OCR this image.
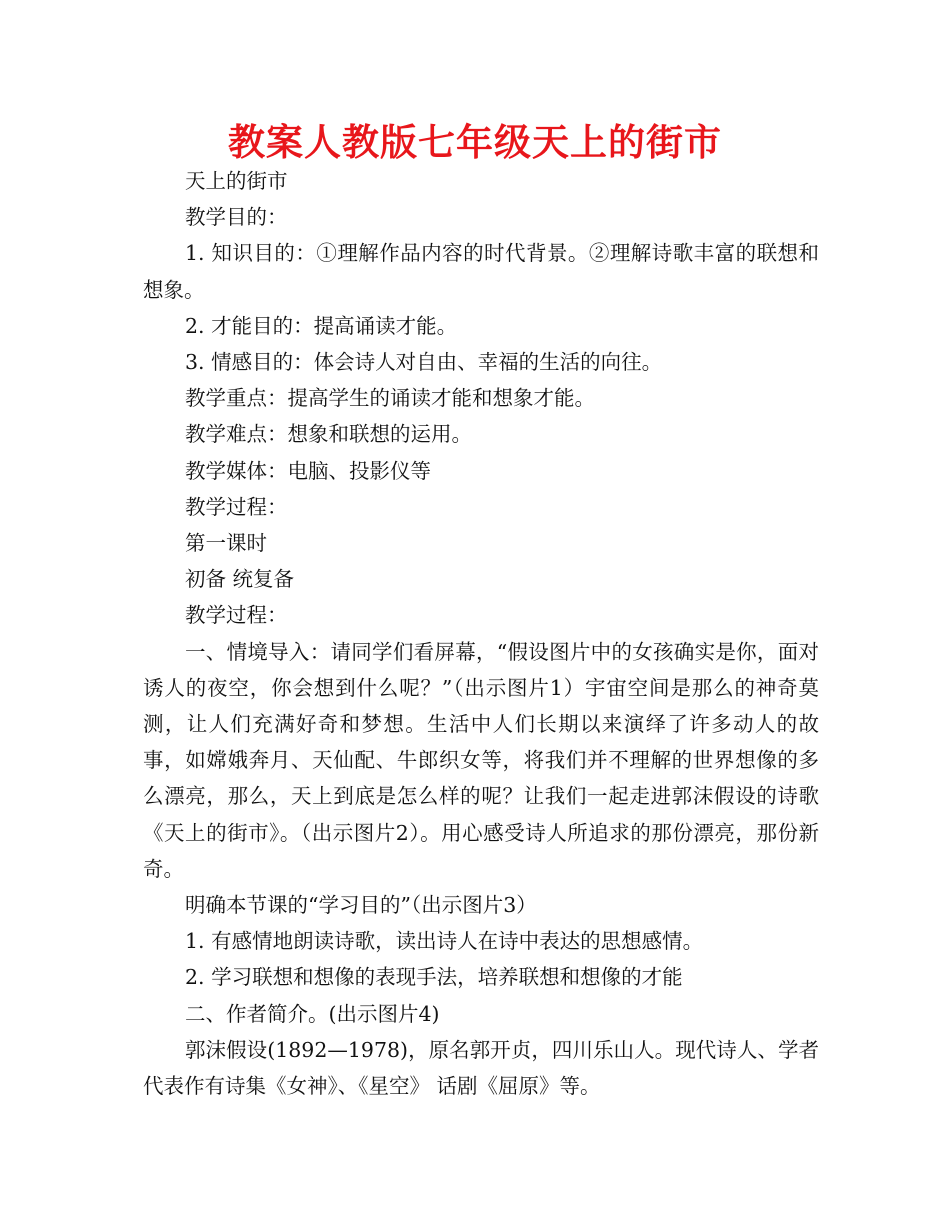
教案人教版七年级天上的街市

天上的街市

教学目的：

1. 知识目的：①理解作品内容的时代背景。②理解诗歌丰富的联想和想象。

2. 才能目的：提高诵读才能。

3. 情感目的：体会诗人对自由、幸福的生活的向往。

教学重点：提高学生的诵读才能和想象才能。

教学难点：想象和联想的运用。

教学媒体：电脑、投影仪等

教学过程：

第一课时

初备 统复备

教学过程：

一、情境导入：请同学们看屏幕，“假设图片中的女孩确实是你，面对诱人的夜空，你会想到什么呢？”（出示图片1）宇宙空间是那么的神奇莫测，让人们充满好奇和梦想。生活中人们长期以来演绎了许多动人的故事，如嫦娥奔月、天仙配、牛郎织女等，将我们并不理解的世界想像的多么漂亮，那么，天上到底是怎么样的呢？让我们一起走进郭沫假设的诗歌《天上的街市》。（出示图片2）。用心感受诗人所追求的那份漂亮，那份新奇。

明确本节课的“学习目的”（出示图片3）

1. 有感情地朗读诗歌，读出诗人在诗中表达的思想感情。

2. 学习联想和想像的表现手法，培养联想和想像的才能

二、作者简介。(出示图片4)

郭沫假设(1892—1978)，原名郭开贞，四川乐山人。现代诗人、学者代表作有诗集《女神》、《星空》 话剧《屈原》等。
